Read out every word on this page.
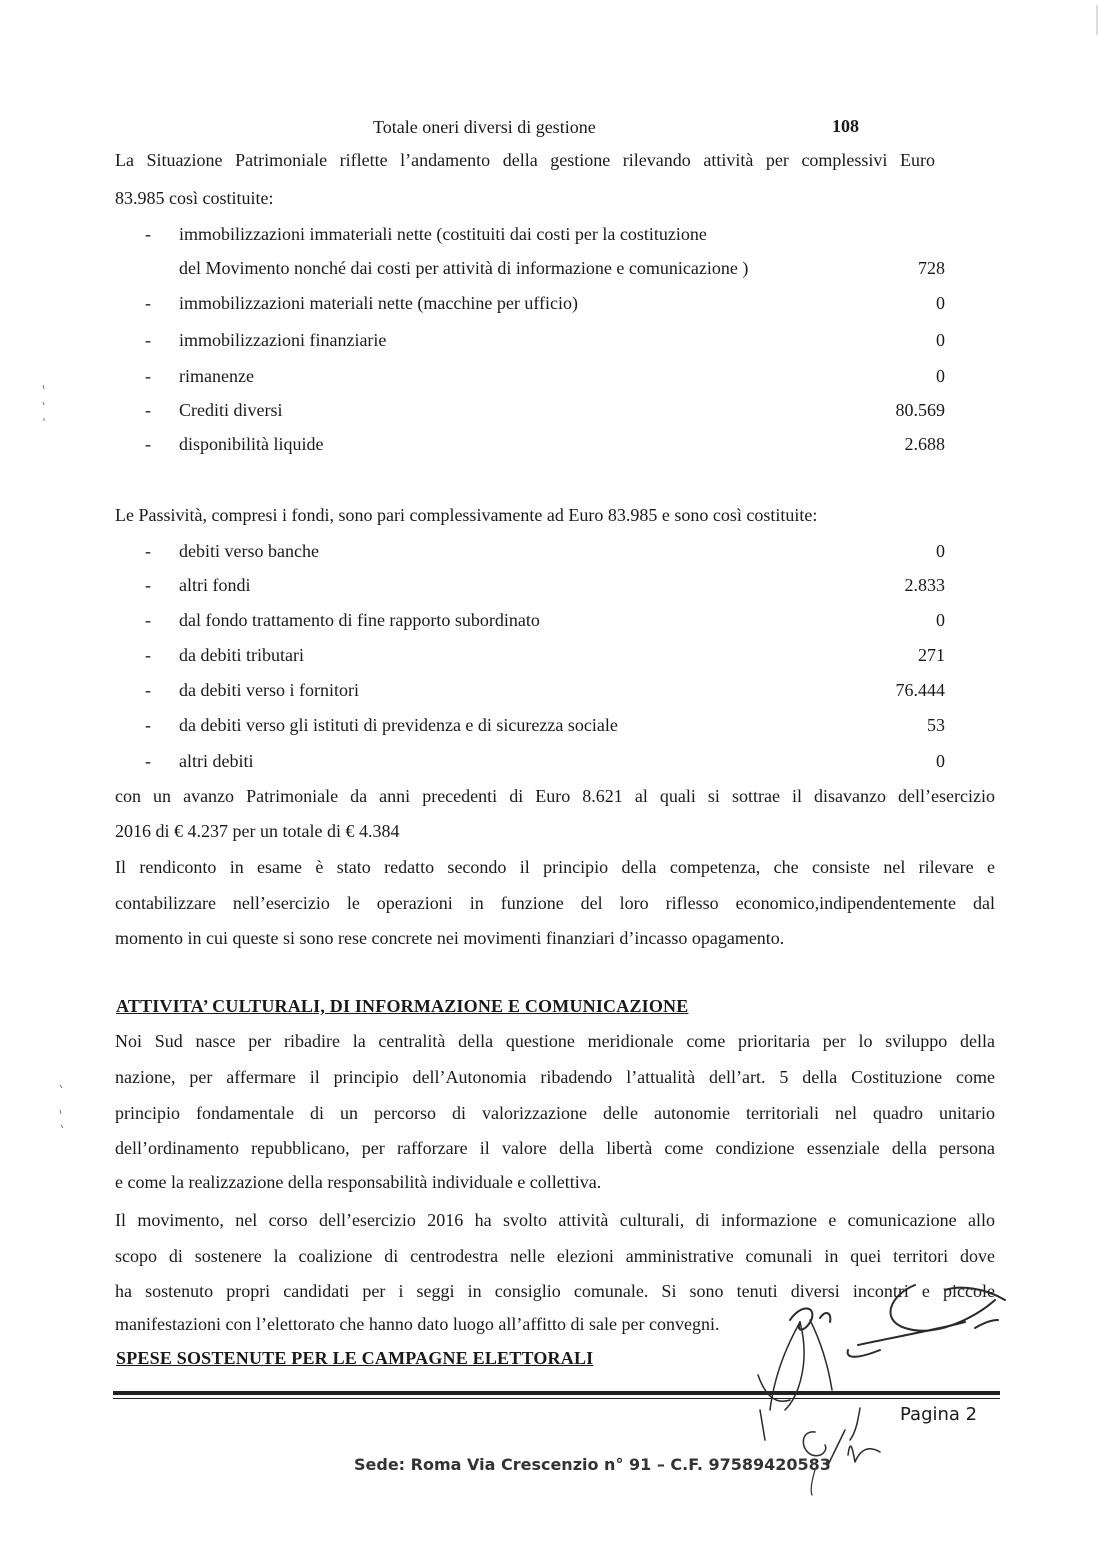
Totale oneri diversi di gestione	108
La Situazione Patrimoniale riflette l’andamento della gestione rilevando attività per complessivi Euro
83.985 così costituite:
-	immobilizzazioni immateriali nette (costituiti dai costi per la costituzione
del Movimento nonché dai costi per attività di informazione e comunicazione )	728
-	immobilizzazioni materiali nette (macchine per ufficio)	0
-	immobilizzazioni finanziarie	0
-	rimanenze	0
-	Crediti diversi	80.569
-	disponibilità liquide	2.688
Le Passività, compresi i fondi, sono pari complessivamente ad Euro 83.985 e sono così costituite:
-	debiti verso banche	0
-	altri fondi	2.833
-	dal fondo trattamento di fine rapporto subordinato	0
-	da debiti tributari	271
-	da debiti verso i fornitori	76.444
-	da debiti verso gli istituti di previdenza e di sicurezza sociale	53
-	altri debiti	0
con un avanzo Patrimoniale da anni precedenti di Euro 8.621 al quali si sottrae il disavanzo dell’esercizio
2016 di € 4.237 per un totale di € 4.384
Il rendiconto in esame è stato redatto secondo il principio della competenza, che consiste nel rilevare e
contabilizzare nell’esercizio le operazioni in funzione del loro riflesso economico,indipendentemente dal
momento in cui queste si sono rese concrete nei movimenti finanziari d’incasso opagamento.
ATTIVITA’ CULTURALI, DI INFORMAZIONE E COMUNICAZIONE
Noi Sud nasce per ribadire la centralità della questione meridionale come prioritaria per lo sviluppo della
nazione, per affermare il principio dell’Autonomia ribadendo l’attualità dell’art. 5 della Costituzione come
principio fondamentale di un percorso di valorizzazione delle autonomie territoriali nel quadro unitario
dell’ordinamento repubblicano, per rafforzare il valore della libertà come condizione essenziale della persona
e come la realizzazione della responsabilità individuale e collettiva.
Il movimento, nel corso dell’esercizio 2016 ha svolto attività culturali, di informazione e comunicazione allo
scopo di sostenere la coalizione di centrodestra nelle elezioni amministrative comunali in quei territori dove
ha sostenuto propri candidati per i seggi in consiglio comunale. Si sono tenuti diversi incontri e piccole
manifestazioni con l’elettorato che hanno dato luogo all’affitto di sale per convegni.
SPESE SOSTENUTE PER LE CAMPAGNE ELETTORALI
Pagina 2
Sede: Roma Via Crescenzio n° 91 – C.F. 97589420583
